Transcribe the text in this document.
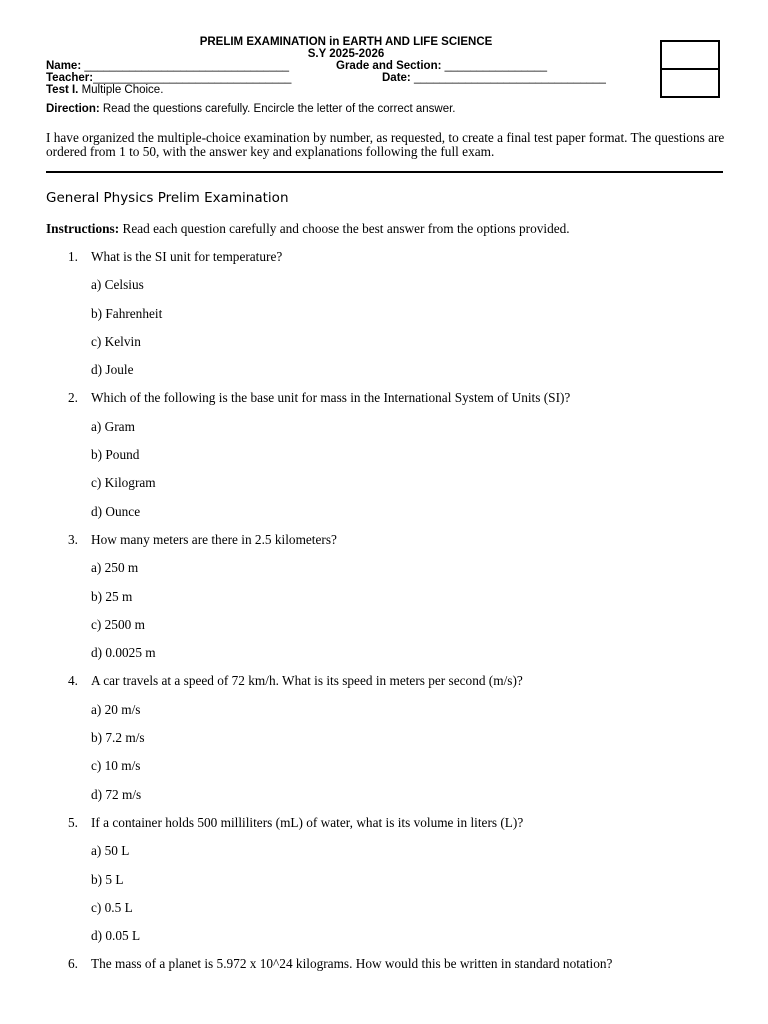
PRELIM EXAMINATION in EARTH AND LIFE SCIENCE
S.Y 2025-2026
Name: ________________________________	Grade and Section: ________________
Teacher:_______________________________	Date: ______________________________
Test I. Multiple Choice.
Direction: Read the questions carefully. Encircle the letter of the correct answer.
I have organized the multiple-choice examination by number, as requested, to create a final test paper format. The questions are ordered from 1 to 50, with the answer key and explanations following the full exam.
General Physics Prelim Examination
Instructions: Read each question carefully and choose the best answer from the options provided.
1. What is the SI unit for temperature?
a) Celsius
b) Fahrenheit
c) Kelvin
d) Joule
2. Which of the following is the base unit for mass in the International System of Units (SI)?
a) Gram
b) Pound
c) Kilogram
d) Ounce
3. How many meters are there in 2.5 kilometers?
a) 250 m
b) 25 m
c) 2500 m
d) 0.0025 m
4. A car travels at a speed of 72 km/h. What is its speed in meters per second (m/s)?
a) 20 m/s
b) 7.2 m/s
c) 10 m/s
d) 72 m/s
5. If a container holds 500 milliliters (mL) of water, what is its volume in liters (L)?
a) 50 L
b) 5 L
c) 0.5 L
d) 0.05 L
6. The mass of a planet is 5.972 x 10^24 kilograms. How would this be written in standard notation?
